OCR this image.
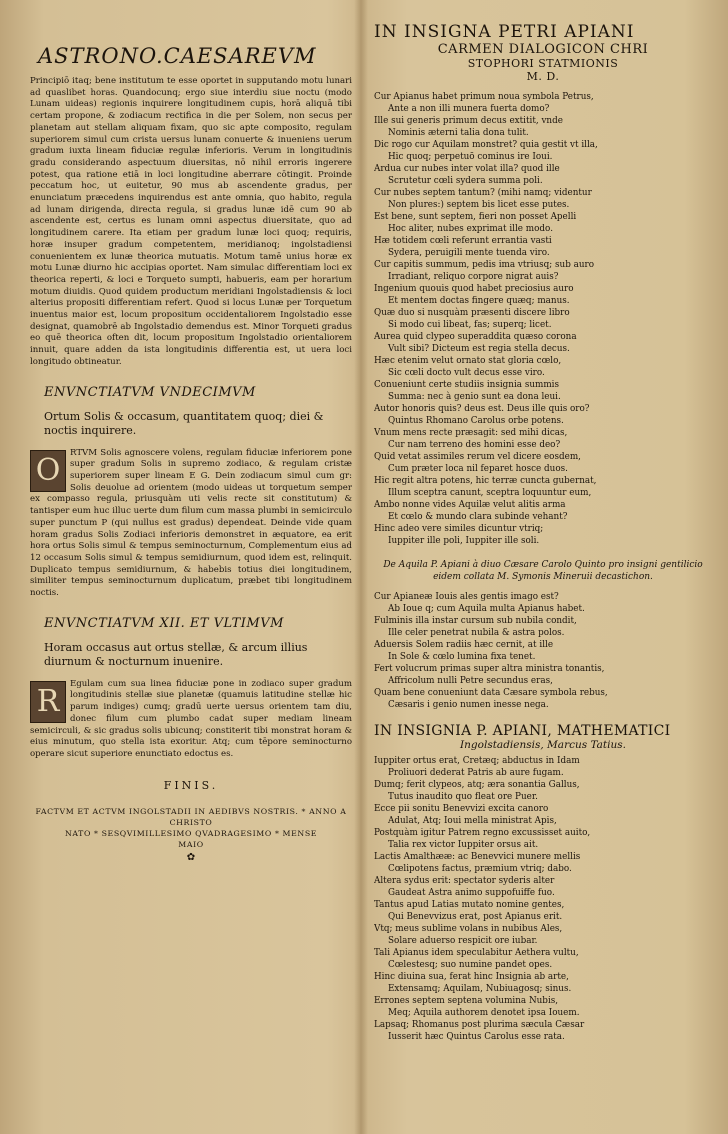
ASTRONO.CAESAREVM

Principiō itaq; bene institutum te esse oportet in supputando motu lunari ad quaslibet horas. Quandocunq; ergo siue interdiu siue noctu (modo Lunam uideas) regionis inquirere longitudinem cupis, horā aliquā tibi certam propone, & zodiacum rectifica in die per Solem, non secus per planetam aut stellam aliquam fixam, quo sic apte composito, regulam superiorem simul cum crista uersus lunam conuerte & inueniens uerum gradum iuxta lineam fiduciæ regulæ inferioris. Verum in longitudinis gradu considerando aspectuum diuersitas, nō nihil erroris ingerere potest, qua ratione etiā in loci longitudine aberrare cōtingit. Proinde peccatum hoc, ut euitetur, 90 mus ab ascendente gradus, per enunciatum præcedens inquirendus est ante omnia, quo habito, regula ad lunam dirigenda, directa regula, si gradus lunæ idē cum 90 ab ascendente est, certus es lunam omni aspectus diuersitate, quo ad longitudinem carere. Ita etiam per gradum lunæ loci quoq; requiris, horæ insuper gradum competentem, meridianoq; ingolstadiensi conuenientem ex lunæ theorica mutuatis. Motum tamē unius horæ ex motu Lunæ diurno hic accipias oportet. Nam simulac differentiam loci ex theorica reperti, & loci e Torqueto sumpti, habueris, eam per horarium motum diuidis. Quod quidem productum meridiani Ingolstadiensis & loci alterius propositi differentiam refert. Quod si locus Lunæ per Torquetum inuentus maior est, locum propositum occidentaliorem Ingolstadio esse designat, quamobrē ab Ingolstadio demendus est. Minor Torqueti gradus eo quē theorica often dit, locum propositum Ingolstadio orientaliorem innuit, quare adden da ista longitudinis differentia est, ut uera loci longitudo obtineatur.

ENVNCTIATVM VNDECIMVM
Ortum Solis & occasum, quantitatem quoq; diei & noctis inquirere.
O	RTVM Solis agnoscere volens, regulam fiduciæ inferiorem pone super gradum Solis in supremo zodiaco, & regulam cristæ superiorem super lineam E G. Dein zodiacum simul cum gr: Solis deuolue ad orientem (modo uideas ut torquetum semper ex compasso regula, priusquàm uti velis recte sit constitutum) & tantisper eum huc illuc uerte dum filum cum massa plumbi in semicirculo super punctum P (qui nullus est gradus) dependeat. Deinde vide quam horam gradus Solis Zodiaci inferioris demonstret in æquatore, ea erit hora ortus Solis simul & tempus seminocturnum, Complementum eius ad 12 occasum Solis simul & tempus semidiurnum, quod idem est, relinquit. Duplicato tempus semidiurnum, & habebis totius diei longitudinem, similiter tempus seminocturnum duplicatum, præbet tibi longitudinem noctis.

ENVNCTIATVM XII. ET VLTIMVM
Horam occasus aut ortus stellæ, & arcum illius diurnum & nocturnum inuenire.
R	Egulam cum sua linea fiduciæ pone in zodiaco super gradum longitudinis stellæ siue planetæ (quamuis latitudine stellæ hic parum indiges) cumq; gradū uerte uersus orientem tam diu, donec filum cum plumbo cadat super mediam lineam semicirculi, & sic gradus solis ubicunq; constiterit tibi monstrat horam & eius minutum, quo stella ista exoritur. Atq; cum tēpore seminocturno operare sicut superiore enunctiato edoctus es.

FINIS.
FACTVM ET ACTVM INGOLSTADII IN AEDIBVS NOSTRIS. * ANNO A CHRISTO
NATO * SESQVIMILLESIMO QVADRAGESIMO * MENSE
MAIO
✿
IN INSIGNA PETRI APIANI
CARMEN DIALOGICON CHRI
STOPHORI STATMIONIS
M. D.
Cur Apianus habet primum noua symbola Petrus,
Ante a non illi munera fuerta domo?
Ille sui generis primum decus extitit, vnde
Nominis æterni talia dona tulit.
Dic rogo cur Aquilam monstret? quia gestit vt illa,
Hic quoq; perpetuō cominus ire Ioui.
Ardua cur nubes inter volat illa? quod ille
Scrutetur cœli sydera summa poli.
Cur nubes septem tantum? (mihi namq; videntur
Non plures:) septem bis licet esse putes.
Est bene, sunt septem, fieri non posset Apelli
Hoc aliter, nubes exprimat ille modo.
Hæ totidem cœli referunt errantia vasti
Sydera, peruigili mente tuenda viro.
Cur capitis summum, pedis ima vtriusq; sub auro
Irradiant, reliquo corpore nigrat auis?
Ingenium quouis quod habet preciosius auro
Et mentem doctas fingere quæq; manus.
Quæ duo si nusquàm præsenti discere libro
Si modo cui libeat, fas; superq; licet.
Aurea quid clypeo superaddita quæso corona
Vult sibi? Dicteum est regia stella decus.
Hæc etenim velut ornato stat gloria cœlo,
Sic cœli docto vult decus esse viro.
Conueniunt certe studiis insignia summis
Summa: nec à genio sunt ea dona leui.
Autor honoris quis? deus est. Deus ille quis oro?
Quintus Rhomano Carolus orbe potens.
Vnum mens recte præsagit: sed mihi dicas,
Cur nam terreno des homini esse deo?
Quid vetat assimiles rerum vel dicere eosdem,
Cum præter loca nil feparet hosce duos.
Hic regit altra potens, hic terræ cuncta gubernat,
Illum sceptra canunt, sceptra loquuntur eum,
Ambo nonne vides Aquilæ velut alitis arma
Et cœlo & mundo clara subinde vehant?
Hinc adeo vere similes dicuntur vtriq;
Iuppiter ille poli, Iuppiter ille soli.
De Aquila P. Apiani à diuo Cæsare Carolo Quinto pro insigni gentilicio eidem collata M. Symonis Mineruii decastichon.
Cur Apianeæ Iouis ales gentis imago est?
Ab Ioue q; cum Aquila multa Apianus habet.
Fulminis illa instar cursum sub nubila condit,
Ille celer penetrat nubila & astra polos.
Aduersis Solem radiis hæc cernit, at ille
In Sole & cœlo lumina fixa tenet.
Fert volucrum primas super altra ministra tonantis,
Affricolum nulli Petre secundus eras,
Quam bene conueniunt data Cæsare symbola rebus,
Cæsaris i genio numen inesse nega.
IN INSIGNIA P. APIANI, MATHEMATICI
Ingolstadiensis, Marcus Tatius.
Iuppiter ortus erat, Cretæq; abductus in Idam
Proliuori dederat Patris ab aure fugam.
Dumq; ferit clypeos, atq; æra sonantia Gallus,
Tutus inaudito quo fleat ore Puer.
Ecce pii sonitu Benevvizi excita canoro
Adulat, Atq; Ioui mella ministrat Apis,
Postquàm igitur Patrem regno excussisset auito,
Talia rex victor Iuppiter orsus ait.
Lactis Amalthææ: ac Benevvici munere mellis
Cœlipotens factus, præmium vtriq; dabo.
Altera sydus erit: spectator syderis alter
Gaudeat Astra animo suppofuiffe fuo.
Tantus apud Latias mutato nomine gentes,
Qui Benevvizus erat, post Apianus erit.
Vtq; meus sublime volans in nubibus Ales,
Solare aduerso respicit ore iubar.
Tali Apianus idem speculabitur Aethera vultu,
Cœlestesq; suo numine pandet opes.
Hinc diuina sua, ferat hinc Insignia ab arte,
Extensamq; Aquilam, Nubiuagosq; sinus.
Errones septem septena volumina Nubis,
Meq; Aquila authorem denotet ipsa Iouem.
Lapsaq; Rhomanus post plurima sæcula Cæsar
Iusserit hæc Quintus Carolus esse rata.
